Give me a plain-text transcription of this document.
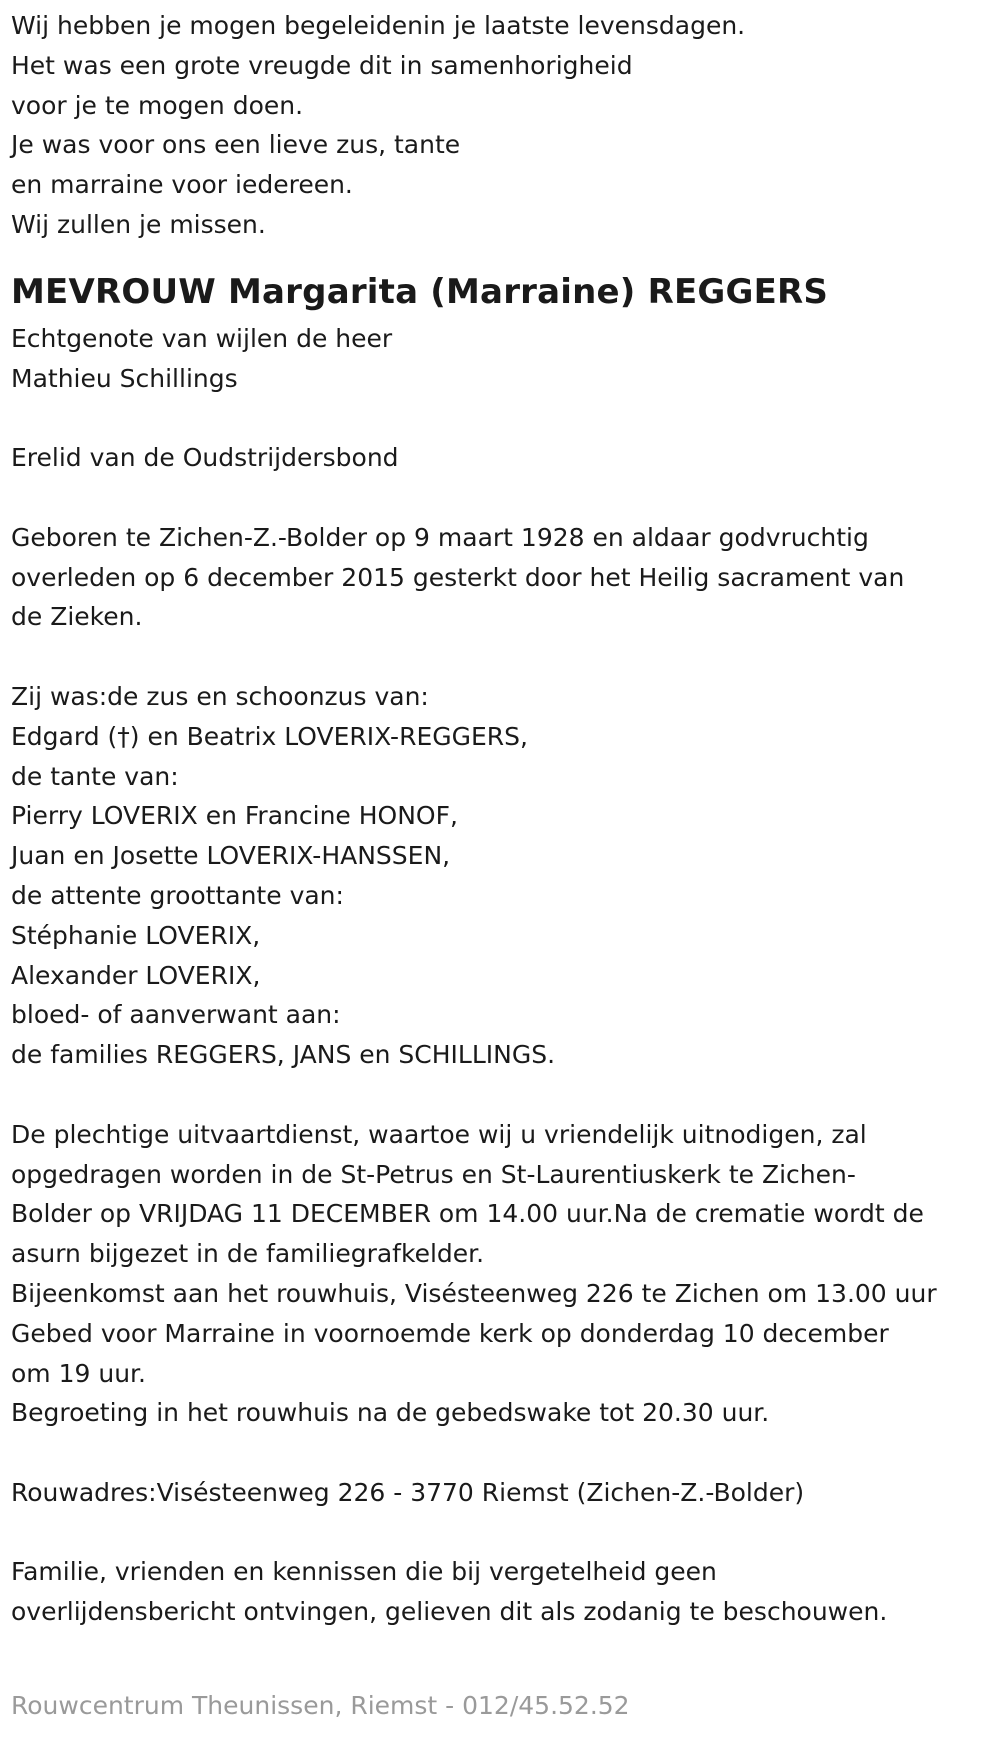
Wij hebben je mogen begeleidenin je laatste levensdagen.
Het was een grote vreugde dit in samenhorigheid
voor je te mogen doen.
Je was voor ons een lieve zus, tante
en marraine voor iedereen.
Wij zullen je missen.
MEVROUW Margarita (Marraine) REGGERS
Echtgenote van wijlen de heer
Mathieu Schillings
Erelid van de Oudstrijdersbond
Geboren te Zichen-Z.-Bolder op 9 maart 1928 en aldaar godvruchtig
overleden op 6 december 2015 gesterkt door het Heilig sacrament van
de Zieken.
Zij was:de zus en schoonzus van:
Edgard (†) en Beatrix LOVERIX-REGGERS,
de tante van:
Pierry LOVERIX en Francine HONOF,
Juan en Josette LOVERIX-HANSSEN,
de attente groottante van:
Stéphanie LOVERIX,
Alexander LOVERIX,
bloed- of aanverwant aan:
de families REGGERS, JANS en SCHILLINGS.
De plechtige uitvaartdienst, waartoe wij u vriendelijk uitnodigen, zal
opgedragen worden in de St-Petrus en St-Laurentiuskerk te Zichen-
Bolder op VRIJDAG 11 DECEMBER om 14.00 uur.Na de crematie wordt de
asurn bijgezet in de familiegrafkelder.
Bijeenkomst aan het rouwhuis, Visésteenweg 226 te Zichen om 13.00 uur
Gebed voor Marraine in voornoemde kerk op donderdag 10 december
om 19 uur.
Begroeting in het rouwhuis na de gebedswake tot 20.30 uur.
Rouwadres:Visésteenweg 226 - 3770 Riemst (Zichen-Z.-Bolder)
Familie, vrienden en kennissen die bij vergetelheid geen
overlijdensbericht ontvingen, gelieven dit als zodanig te beschouwen.
Rouwcentrum Theunissen, Riemst - 012/45.52.52
